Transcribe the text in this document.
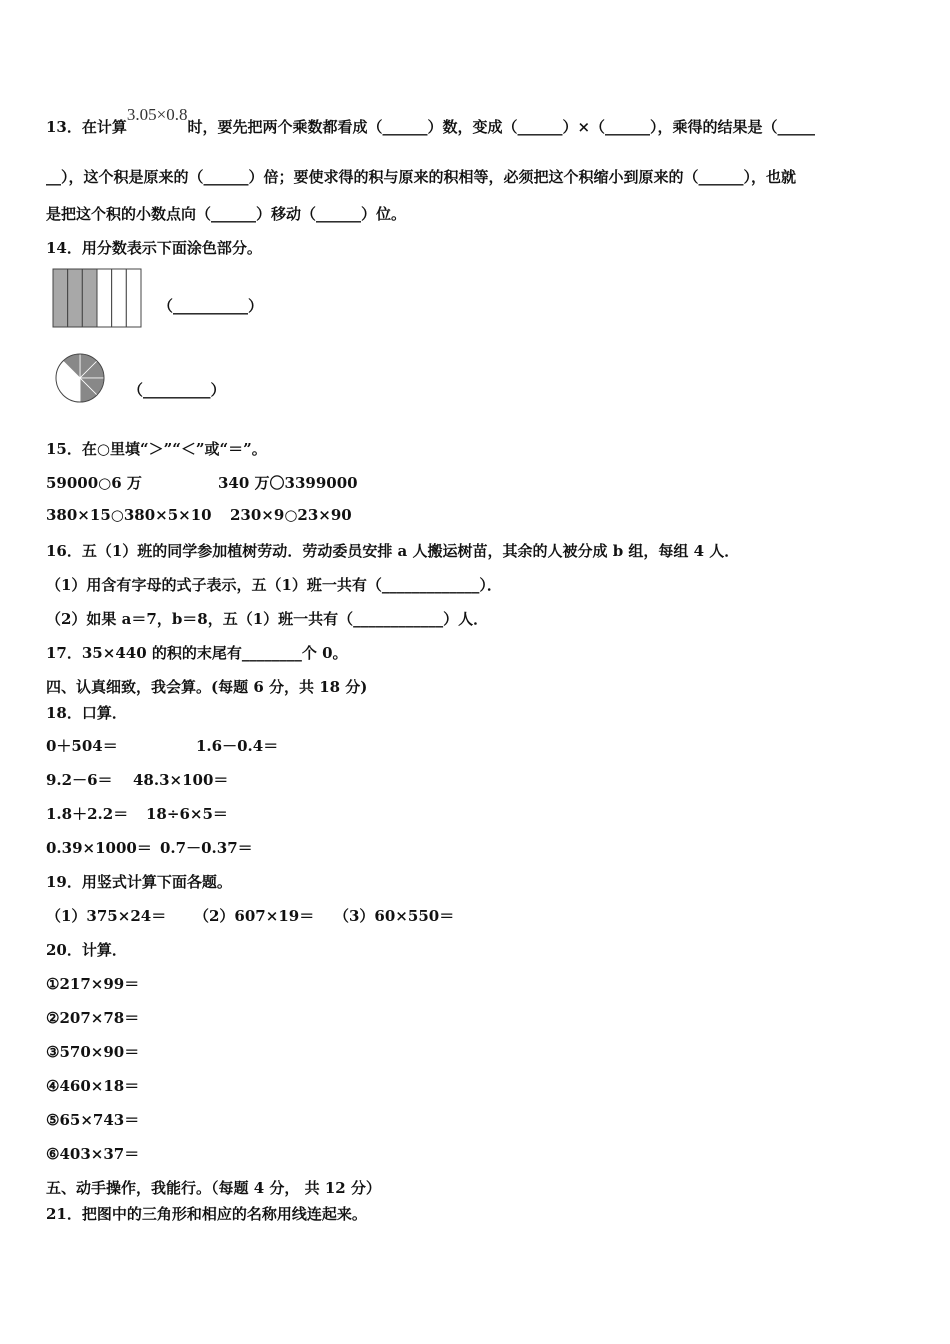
13．在计算3.05×0.8时，要先把两个乘数都看成（______）数，变成（______）×（______），乘得的结果是（_____
__），这个积是原来的（______）倍；要使求得的积与原来的积相等，必须把这个积缩小到原来的（______），也就
是把这个积的小数点向（______）移动（______）位。
14．用分数表示下面涂色部分。
（__________）
（_________）
15．在○里填“＞”“＜”或“＝”。
59000○6 万	340 万〇3399000
380×15○380×5×10 230×9○23×90
16．五（1）班的同学参加植树劳动．劳动委员安排 a 人搬运树苗，其余的人被分成 b 组，每组 4 人．
（1）用含有字母的式子表示，五（1）班一共有（_____________）．
（2）如果 a＝7，b＝8，五（1）班一共有（____________）人．
17．35×440 的积的末尾有________个 0。
四、认真细致，我会算。(每题 6 分，共 18 分)
18．口算．
0＋504＝	1.6－0.4＝
9.2－6＝ 48.3×100＝
1.8＋2.2＝ 18÷6×5＝
0.39×1000＝ 0.7－0.37＝
19．用竖式计算下面各题。
（1）375×24＝ （2）607×19＝ （3）60×550＝
20．计算．
①217×99＝
②207×78＝
③570×90＝
④460×18＝
⑤65×743＝
⑥403×37＝
五、动手操作，我能行。（每题 4 分， 共 12 分）
21．把图中的三角形和相应的名称用线连起来。
